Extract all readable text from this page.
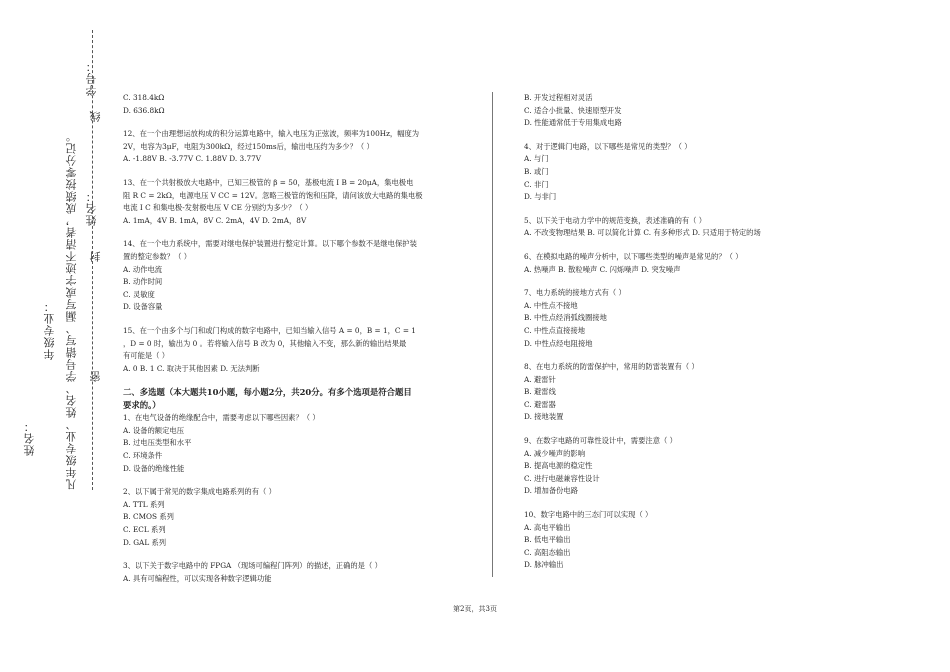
姓名：
年级专业： 凡年级专业、姓名、学号错写、漏写或字迹不清者，成绩按零分记。
学号：
姓名：
线
封
密
C. 318.4kΩ
D. 636.8kΩ
12、在一个由理想运放构成的积分运算电路中，输入电压为正弦波，频率为100Hz，幅度为
2V，电容为3μF，电阻为300kΩ，经过150ms后，输出电压约为多少？（ ）
A. -1.88V B. -3.77V C. 1.88V D. 3.77V
13、在一个共射极放大电路中，已知三极管的 β = 50，基极电流 I B = 20μA，集电极电
阻 R C = 2kΩ，电源电压 V CC = 12V。忽略三极管的饱和压降，请问该放大电路的集电极
电流 I C 和集电极-发射极电压 V CE 分别约为多少？（ ）
A. 1mA，4V B. 1mA，8V C. 2mA，4V D. 2mA，8V
14、在一个电力系统中，需要对继电保护装置进行整定计算。以下哪个参数不是继电保护装
置的整定参数？（ ）
A. 动作电流
B. 动作时间
C. 灵敏度
D. 设备容量
15、在一个由多个与门和或门构成的数字电路中，已知当输入信号 A = 0，B = 1，C = 1
，D = 0 时，输出为 0 。若将输入信号 B 改为 0，其他输入不变，那么新的输出结果最
有可能是（ ）
A. 0 B. 1 C. 取决于其他因素 D. 无法判断
二、多选题（本大题共10小题，每小题2分，共20分。有多个选项是符合题目
要求的。）
1、在电气设备的绝缘配合中，需要考虑以下哪些因素？（ ）
A. 设备的额定电压
B. 过电压类型和水平
C. 环境条件
D. 设备的绝缘性能
2、以下属于常见的数字集成电路系列的有（ ）
A. TTL 系列
B. CMOS 系列
C. ECL 系列
D. GAL 系列
3、以下关于数字电路中的 FPGA （现场可编程门阵列）的描述，正确的是（ ）
A. 具有可编程性，可以实现各种数字逻辑功能
B. 开发过程相对灵活
C. 适合小批量、快速原型开发
D. 性能通常低于专用集成电路
4、对于逻辑门电路，以下哪些是常见的类型？（ ）
A. 与门
B. 或门
C. 非门
D. 与非门
5、以下关于电动力学中的规范变换，表述准确的有（ ）
A. 不改变物理结果 B. 可以简化计算 C. 有多种形式 D. 只适用于特定的场
6、在模拟电路的噪声分析中，以下哪些类型的噪声是常见的？（ ）
A. 热噪声 B. 散粒噪声 C. 闪烁噪声 D. 突发噪声
7、电力系统的接地方式有（ ）
A. 中性点不接地
B. 中性点经消弧线圈接地
C. 中性点直接接地
D. 中性点经电阻接地
8、在电力系统的防雷保护中，常用的防雷装置有（ ）
A. 避雷针
B. 避雷线
C. 避雷器
D. 接地装置
9、在数字电路的可靠性设计中，需要注意（ ）
A. 减少噪声的影响
B. 提高电源的稳定性
C. 进行电磁兼容性设计
D. 增加备份电路
10、数字电路中的三态门可以实现（ ）
A. 高电平输出
B. 低电平输出
C. 高阻态输出
D. 脉冲输出
第2页，共3页
